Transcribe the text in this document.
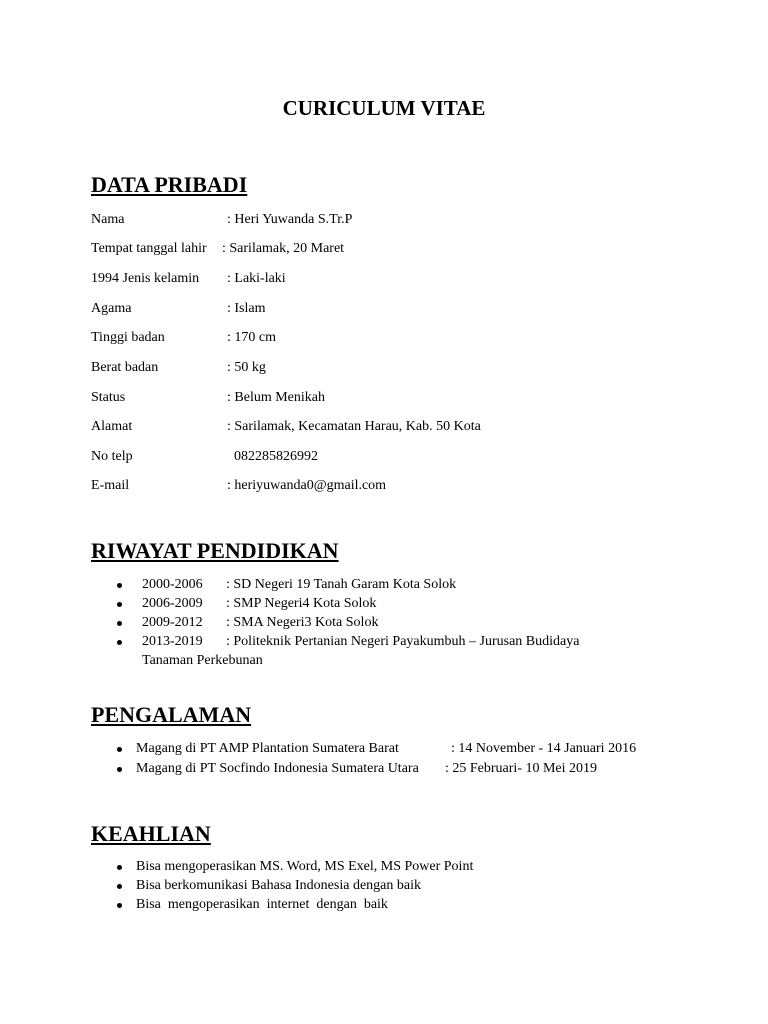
CURICULUM VITAE
DATA PRIBADI
Nama	: Heri Yuwanda S.Tr.P
Tempat tanggal lahir : Sarilamak, 20 Maret
1994 Jenis kelamin : Laki-laki
Agama	: Islam
Tinggi badan	: 170 cm
Berat badan	: 50 kg
Status	: Belum Menikah
Alamat	: Sarilamak, Kecamatan Harau, Kab. 50 Kota
No telp	082285826992
E-mail	: heriyuwanda0@gmail.com
RIWAYAT PENDIDIKAN
2000-2006 : SD Negeri 19 Tanah Garam Kota Solok
2006-2009 : SMP Negeri4 Kota Solok
2009-2012 : SMA Negeri3 Kota Solok
2013-2019 : Politeknik Pertanian Negeri Payakumbuh – Jurusan Budidaya
Tanaman Perkebunan
PENGALAMAN
Magang di PT AMP Plantation Sumatera Barat	: 14 November - 14 Januari 2016
Magang di PT Socfindo Indonesia Sumatera Utara : 25 Februari- 10 Mei 2019
KEAHLIAN
Bisa mengoperasikan MS. Word, MS Exel, MS Power Point
Bisa berkomunikasi Bahasa Indonesia dengan baik
Bisa  mengoperasikan  internet  dengan  baik
